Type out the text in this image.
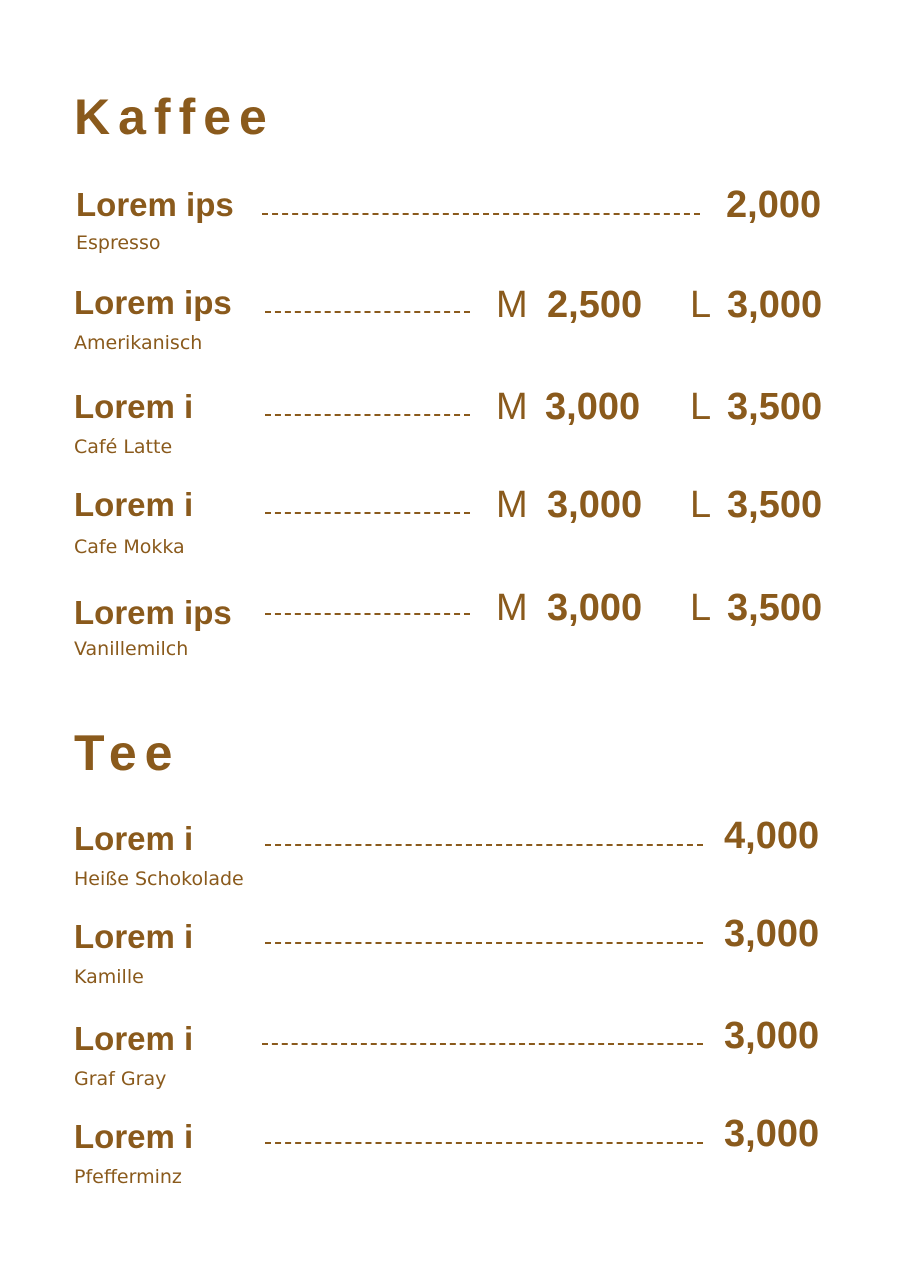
Kaffee
Lorem ips
Espresso
2,000
Lorem ips
Amerikanisch
M 2,500 L 3,000
Lorem i
Café Latte
M 3,000 L 3,500
Lorem i
Cafe Mokka
M 3,000 L 3,500
Lorem ips
Vanillemilch
M 3,000 L 3,500
Tee
Lorem i
Heiße Schokolade
4,000
Lorem i
Kamille
3,000
Lorem i
Graf Gray
3,000
Lorem i
Pfefferminz
3,000
